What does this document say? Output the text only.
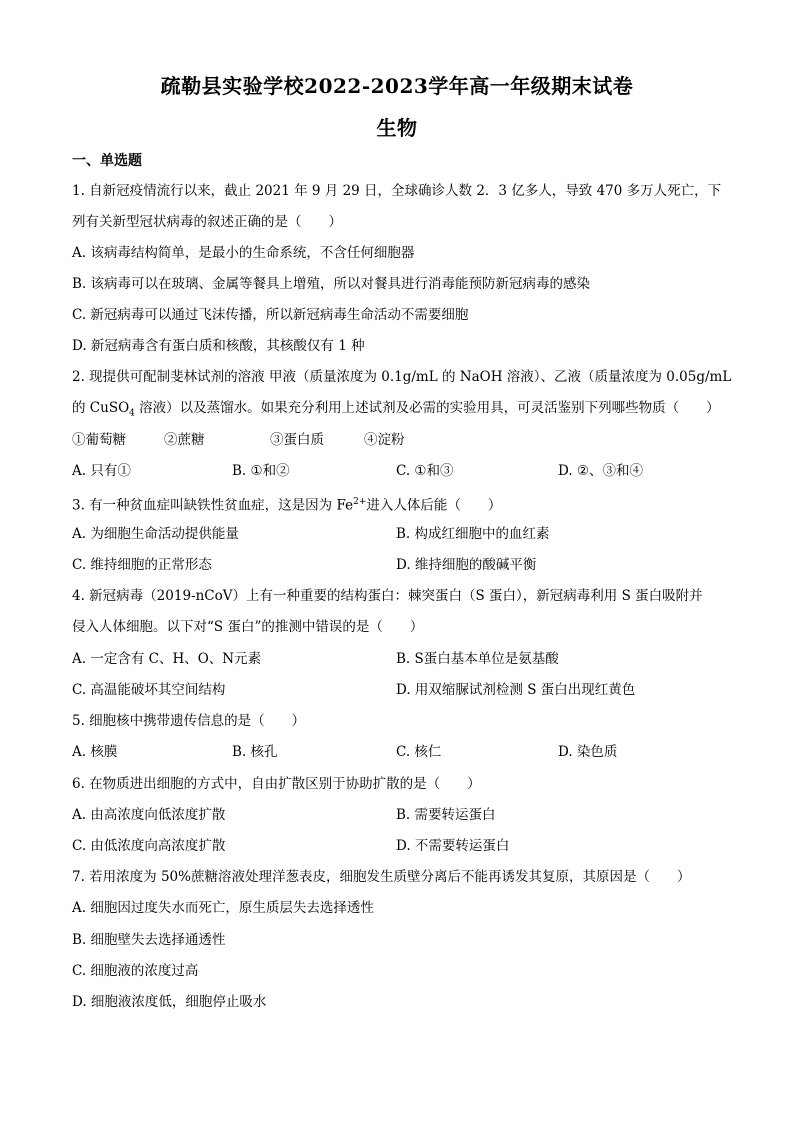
疏勒县实验学校2022-2023学年高一年级期末试卷
生物
一、单选题
1. 自新冠疫情流行以来，截止 2021 年 9 月 29 日，全球确诊人数 2．3 亿多人，导致 470 多万人死亡，下
列有关新型冠状病毒的叙述正确的是（　　）
A. 该病毒结构简单，是最小的生命系统，不含任何细胞器
B. 该病毒可以在玻璃、金属等餐具上增殖，所以对餐具进行消毒能预防新冠病毒的感染
C. 新冠病毒可以通过飞沫传播，所以新冠病毒生命活动不需要细胞
D. 新冠病毒含有蛋白质和核酸，其核酸仅有 1 种
2. 现提供可配制斐林试剂的溶液 甲液（质量浓度为 0.1g/mL 的 NaOH 溶液）、乙液（质量浓度为 0.05g/mL
的 CuSO$_4$ 溶液）以及蒸馏水。如果充分利用上述试剂及必需的实验用具，可灵活鉴别下列哪些物质（　　）
①葡萄糖	②蔗糖	③蛋白质	④淀粉
A. 只有①	B. ①和②	C. ①和③	D. ②、③和④
3. 有一种贫血症叫缺铁性贫血症，这是因为 $Fe^{2+}$进入人体后能（　　）
A. 为细胞生命活动提供能量	B. 构成红细胞中的血红素
C. 维持细胞的正常形态	D. 维持细胞的酸碱平衡
4. 新冠病毒（2019-nCoV）上有一种重要的结构蛋白：棘突蛋白（S 蛋白），新冠病毒利用 S 蛋白吸附并
侵入人体细胞。以下对“S 蛋白”的推测中错误的是（　　）
A. 一定含有 C、H、O、N元素	B. S蛋白基本单位是氨基酸
C. 高温能破坏其空间结构	D. 用双缩脲试剂检测 S 蛋白出现红黄色
5. 细胞核中携带遗传信息的是（　　）
A. 核膜	B. 核孔	C. 核仁	D. 染色质
6. 在物质进出细胞的方式中，自由扩散区别于协助扩散的是（　　）
A. 由高浓度向低浓度扩散	B. 需要转运蛋白
C. 由低浓度向高浓度扩散	D. 不需要转运蛋白
7. 若用浓度为 50%蔗糖溶液处理洋葱表皮，细胞发生质壁分离后不能再诱发其复原，其原因是（　　）
A. 细胞因过度失水而死亡，原生质层失去选择透性
B. 细胞壁失去选择通透性
C. 细胞液的浓度过高
D. 细胞液浓度低，细胞停止吸水
